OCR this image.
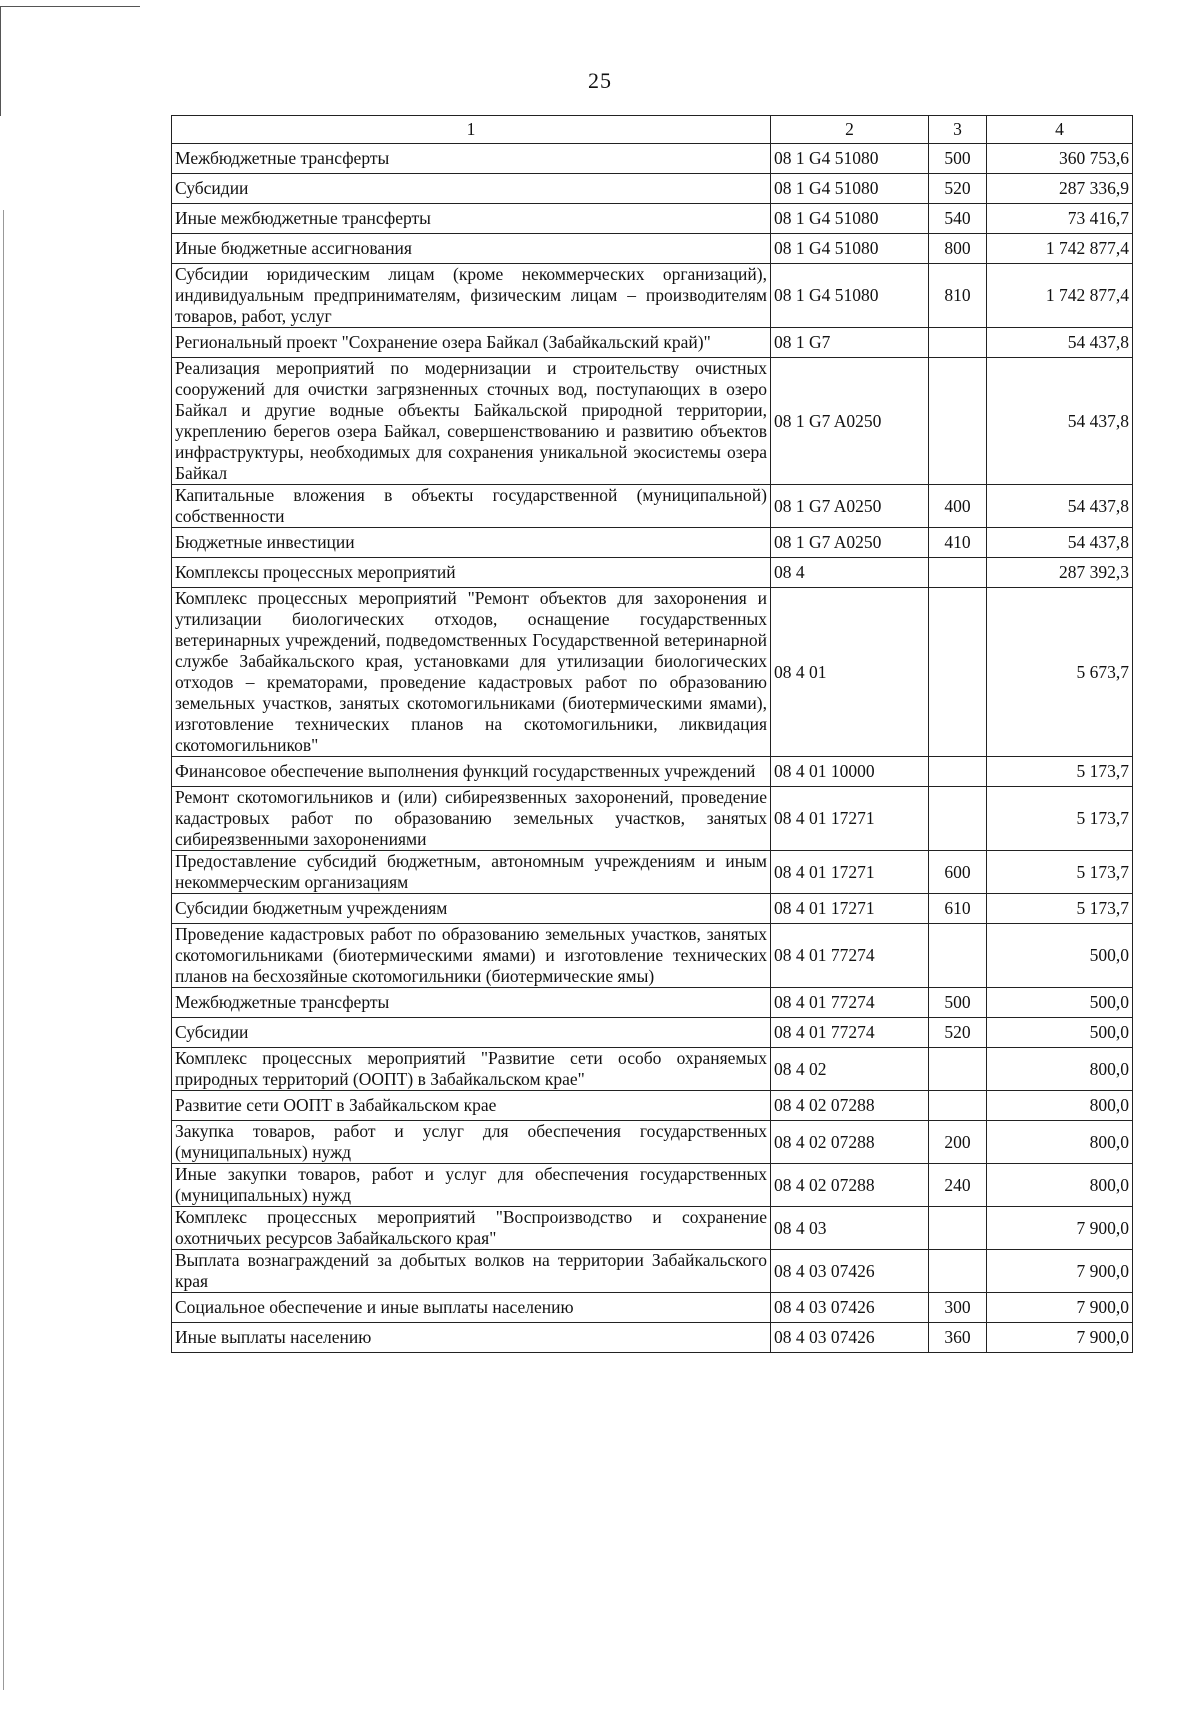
25
1	2	3	4
Межбюджетные трансферты	08 1 G4 51080	500	360 753,6
Субсидии	08 1 G4 51080	520	287 336,9
Иные межбюджетные трансферты	08 1 G4 51080	540	73 416,7
Иные бюджетные ассигнования	08 1 G4 51080	800	1 742 877,4
Субсидии юридическим лицам (кроме некоммерческих организаций), индивидуальным предпринимателям, физическим лицам – производителям товаров, работ, услуг	08 1 G4 51080	810	1 742 877,4
Региональный проект "Сохранение озера Байкал (Забайкальский край)"	08 1 G7		54 437,8
Реализация мероприятий по модернизации и строительству очистных сооружений для очистки загрязненных сточных вод, поступающих в озеро Байкал и другие водные объекты Байкальской природной территории, укреплению берегов озера Байкал, совершенствованию и развитию объектов инфраструктуры, необходимых для сохранения уникальной экосистемы озера Байкал	08 1 G7 A0250		54 437,8
Капитальные вложения в объекты государственной (муниципальной) собственности	08 1 G7 A0250	400	54 437,8
Бюджетные инвестиции	08 1 G7 A0250	410	54 437,8
Комплексы процессных мероприятий	08 4		287 392,3
Комплекс процессных мероприятий "Ремонт объектов для захоронения и утилизации биологических отходов, оснащение государственных ветеринарных учреждений, подведомственных Государственной ветеринарной службе Забайкальского края, установками для утилизации биологических отходов – крематорами, проведение кадастровых работ по образованию земельных участков, занятых скотомогильниками (биотермическими ямами), изготовление технических планов на скотомогильники, ликвидация скотомогильников"	08 4 01		5 673,7
Финансовое обеспечение выполнения функций государственных учреждений	08 4 01 10000		5 173,7
Ремонт скотомогильников и (или) сибиреязвенных захоронений, проведение кадастровых работ по образованию земельных участков, занятых сибиреязвенными захоронениями	08 4 01 17271		5 173,7
Предоставление субсидий бюджетным, автономным учреждениям и иным некоммерческим организациям	08 4 01 17271	600	5 173,7
Субсидии бюджетным учреждениям	08 4 01 17271	610	5 173,7
Проведение кадастровых работ по образованию земельных участков, занятых скотомогильниками (биотермическими ямами) и изготовление технических планов на бесхозяйные скотомогильники (биотермические ямы)	08 4 01 77274		500,0
Межбюджетные трансферты	08 4 01 77274	500	500,0
Субсидии	08 4 01 77274	520	500,0
Комплекс процессных мероприятий "Развитие сети особо охраняемых природных территорий (ООПТ) в Забайкальском крае"	08 4 02		800,0
Развитие сети ООПТ в Забайкальском крае	08 4 02 07288		800,0
Закупка товаров, работ и услуг для обеспечения государственных (муниципальных) нужд	08 4 02 07288	200	800,0
Иные закупки товаров, работ и услуг для обеспечения государственных (муниципальных) нужд	08 4 02 07288	240	800,0
Комплекс процессных мероприятий "Воспроизводство и сохранение охотничьих ресурсов Забайкальского края"	08 4 03		7 900,0
Выплата вознаграждений за добытых волков на территории Забайкальского края	08 4 03 07426		7 900,0
Социальное обеспечение и иные выплаты населению	08 4 03 07426	300	7 900,0
Иные выплаты населению	08 4 03 07426	360	7 900,0
